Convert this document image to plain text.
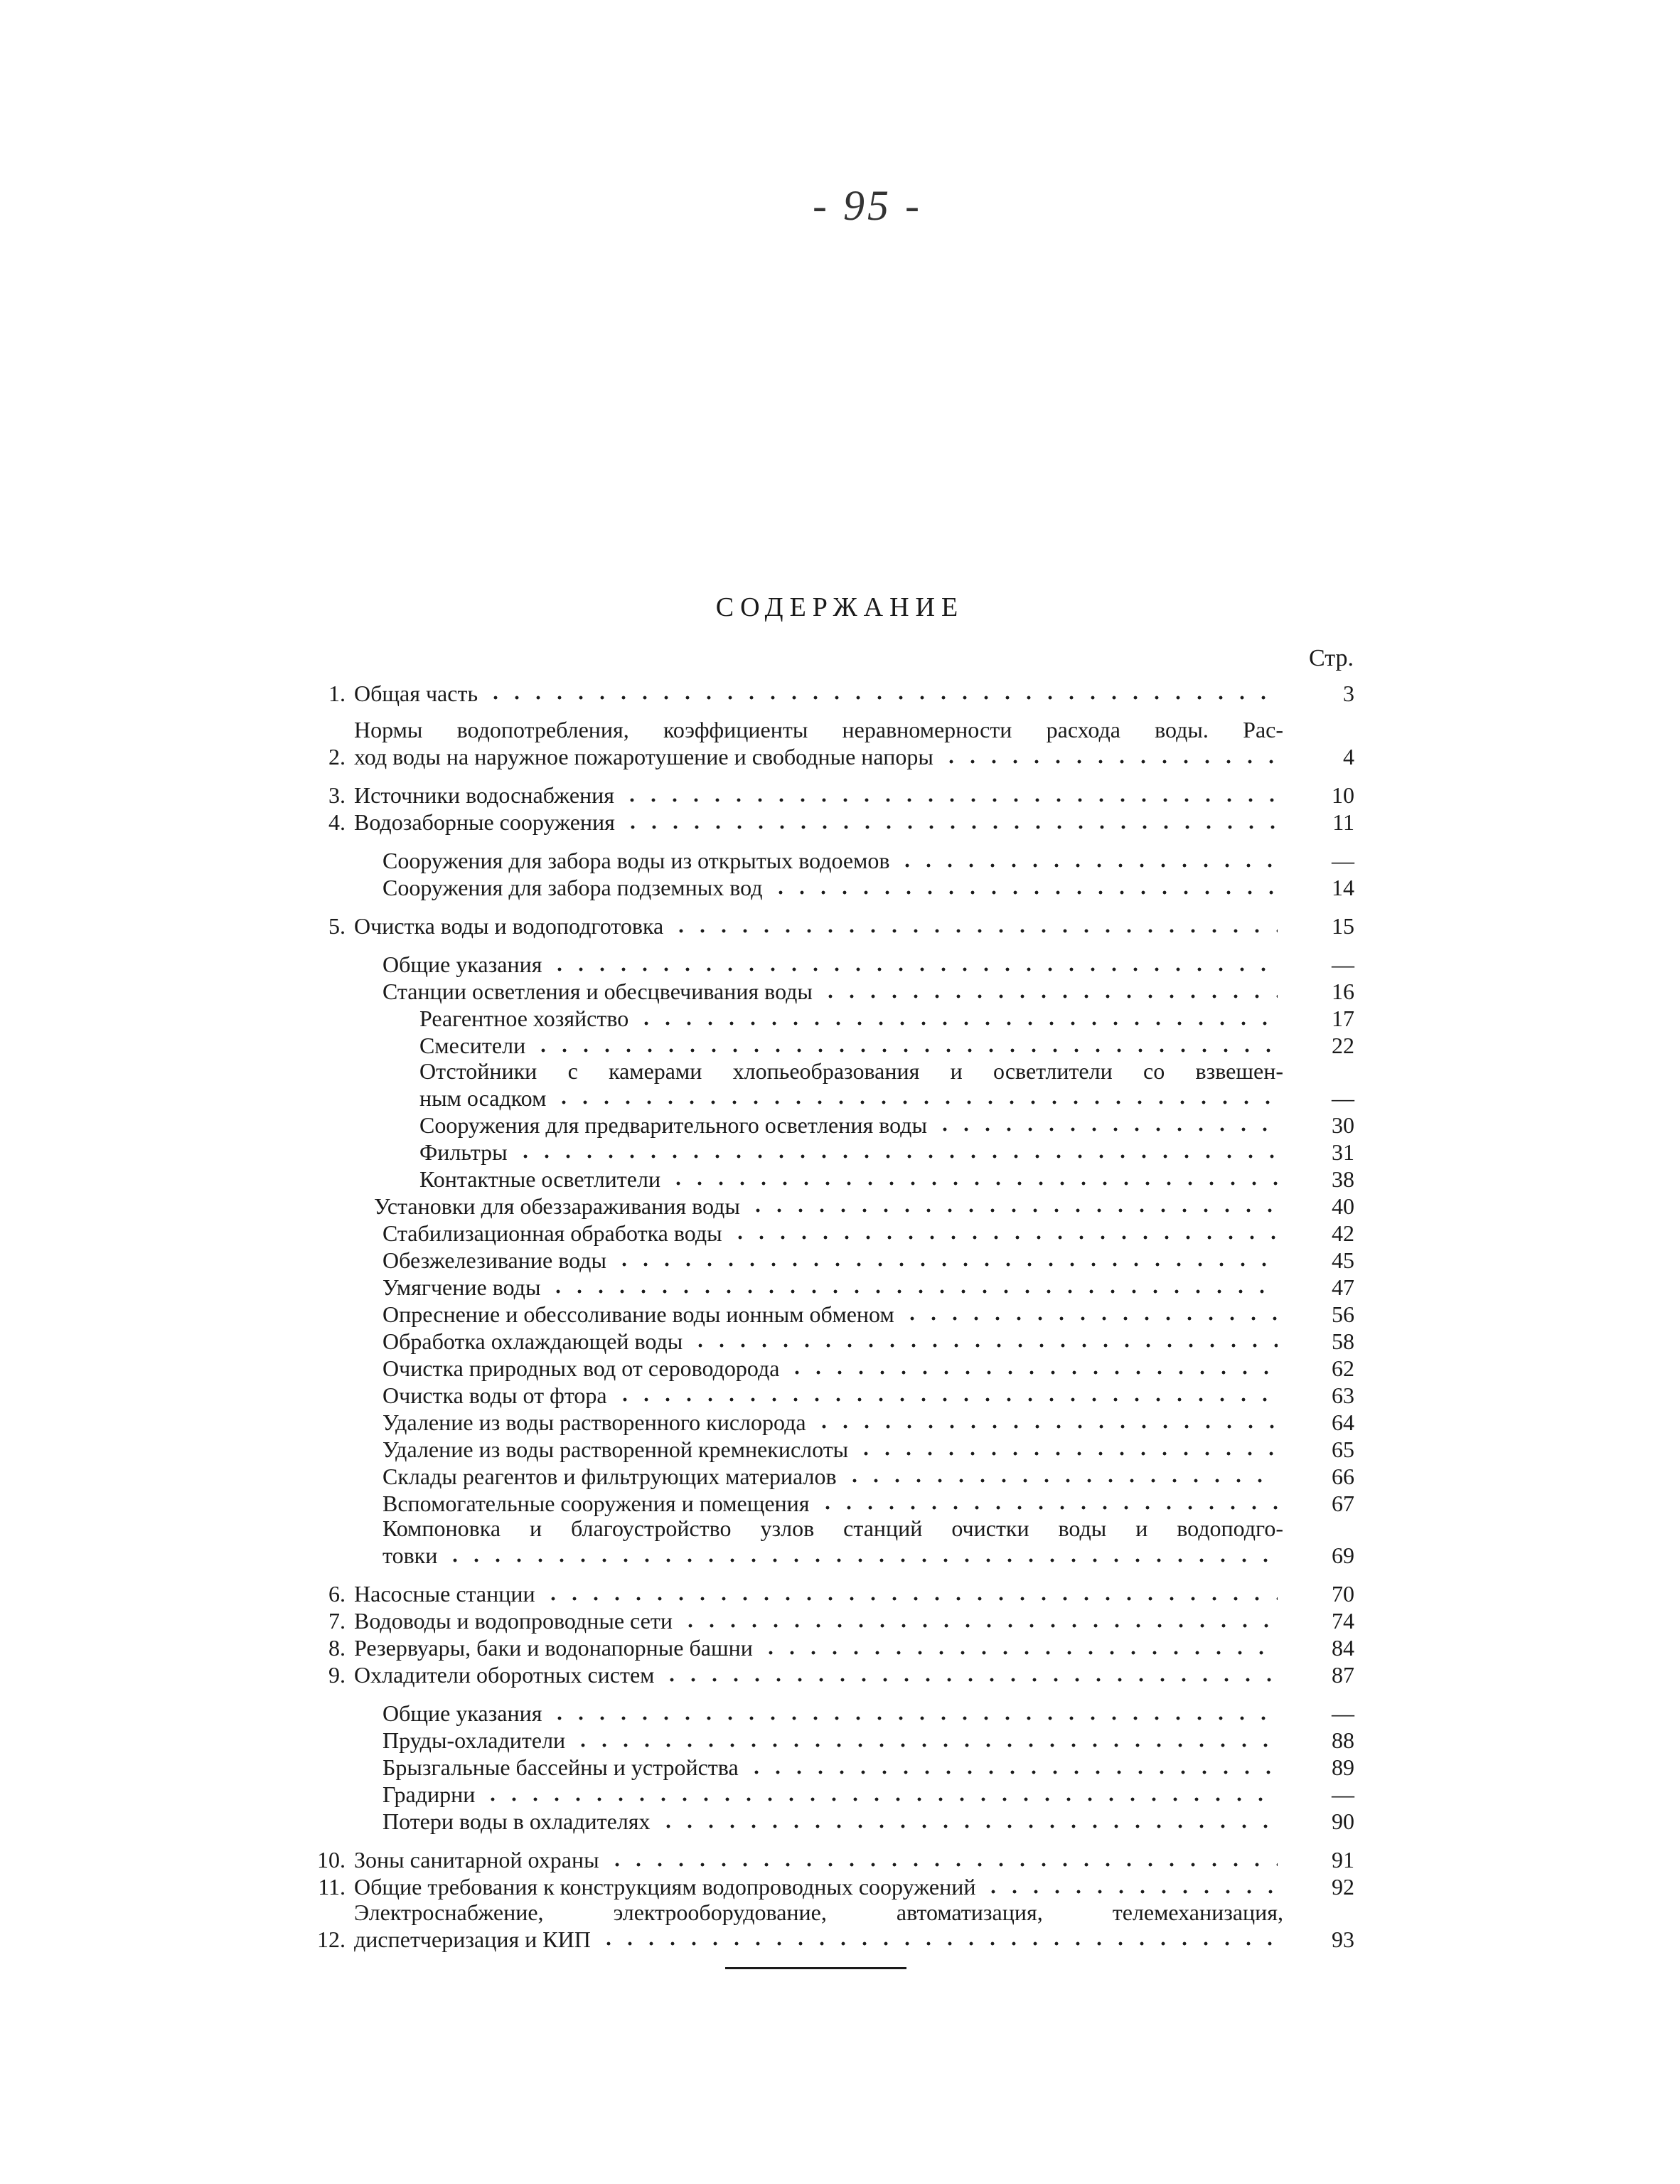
- 95 -
СОДЕРЖАНИЕ
Стр.
1. Общая часть	3
2.
Нормы водопотребления, коэффициенты неравномерности расхода воды. Рас-
ход воды на наружное пожаротушение и свободные напоры	4
3. Источники водоснабжения	10
4. Водозаборные сооружения	11
Сооружения для забора воды из открытых водоемов	—
Сооружения для забора подземных вод	14
5. Очистка воды и водоподготовка	15
Общие указания	—
Станции осветления и обесцвечивания воды	16
Реагентное хозяйство	17
Смесители	22
Отстойники с камерами хлопьеобразования и осветлители со взвешен-
ным осадком	—
Сооружения для предварительного осветления воды	30
Фильтры	31
Контактные осветлители	38
Установки для обеззараживания воды	40
Стабилизационная обработка воды	42
Обезжелезивание воды	45
Умягчение воды	47
Опреснение и обессоливание воды ионным обменом	56
Обработка охлаждающей воды	58
Очистка природных вод от сероводорода	62
Очистка воды от фтора	63
Удаление из воды растворенного кислорода	64
Удаление из воды растворенной кремнекислоты	65
Склады реагентов и фильтрующих материалов	66
Вспомогательные сооружения и помещения	67
Компоновка и благоустройство узлов станций очистки воды и водоподго-
товки	69
6. Насосные станции	70
7. Водоводы и водопроводные сети	74
8. Резервуары, баки и водонапорные башни	84
9. Охладители оборотных систем	87
Общие указания	—
Пруды-охладители	88
Брызгальные бассейны и устройства	89
Градирни	—
Потери воды в охладителях	90
10. Зоны санитарной охраны	91
11. Общие требования к конструкциям водопроводных сооружений	92
12.
Электроснабжение, электрооборудование, автоматизация, телемеханизация,
диспетчеризация и КИП	93
